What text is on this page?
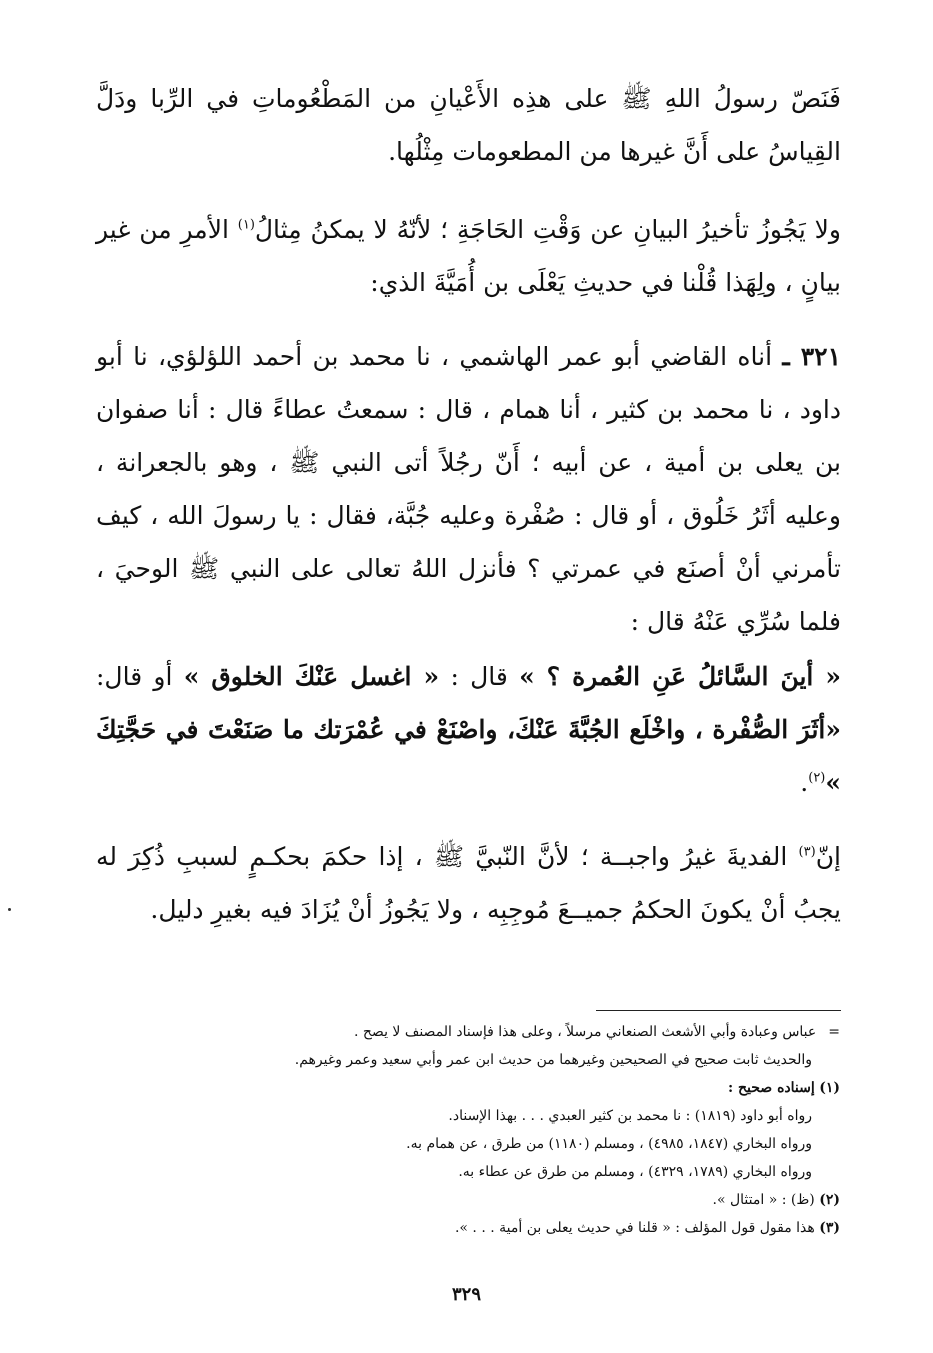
فَنَصّ رسولُ اللهِ ﷺ على هذِه الأَعْيانِ من المَطْعُوماتِ في الرِّبا ودَلَّ القِياسُ على أَنَّ غيرها من المطعومات مِثْلُها.

ولا يَجُوزُ تأخيرُ البيانِ عن وَقْتِ الحَاجَةِ ؛ لأنّهُ لا يمكنُ مِثالُ$^{(١)}$ الأمرِ من غير بيانٍ ، ولِهَذا قُلْنا في حديثِ يَعْلَى بن أُمَيَّةَ الذي:

٣٢١ ـ أناه القاضي أبو عمر الهاشمي ، نا محمد بن أحمد اللؤلؤي، نا أبو داود ، نا محمد بن كثير ، أنا همام ، قال : سمعتُ عطاءً قال : أنا صفوان بن يعلى بن أمية ، عن أبيه ؛ أَنّ رجُلاً أتى النبي ﷺ ، وهو بالجعرانة ، وعليه أثَرُ خَلُوق ، أو قال : صُفْرة وعليه جُبَّة، فقال : يا رسولَ الله ، كيف تأمرني أنْ أصنَع في عمرتي ؟ فأنزل اللهُ تعالى على النبي ﷺ الوحيَ ، فلما سُرِّي عَنْهُ قال :

« أينَ السَّائلُ عَنِ العُمرة ؟ » قال : « اغسل عَنْكَ الخلوق » أو قال: «أثَرَ الصُّفْرة ، واخْلَع الجُبَّةَ عَنْكَ، واصْنَعْ في عُمْرَتك ما صَنَعْتَ في حَجَّتِكَ »$^{(٢)}$.

إنّ$^{(٣)}$ الفديةَ غيرُ واجبــة ؛ لأنَّ النّبيَّ ﷺ ، إذا حكمَ بحكـمٍ لسببِ ذُكِرَ له يجبُ أنْ يكونَ الحكمُ جميــعَ مُوجِبِه ، ولا يَجُوزُ أنْ يُزَادَ فيه بغيرِ دليل.

=عباس وعبادة وأبي الأشعث الصنعاني مرسلاً ، وعلى هذا فإسناد المصنف لا يصح .

والحديث ثابت صحيح في الصحيحين وغيرهما من حديث ابن عمر وأبي سعيد وعمر وغيرهم.

(١) إسناده صحيح :

رواه أبو داود (١٨١٩) : نا محمد بن كثير العبدي . . . بهذا الإسناد.

ورواه البخاري (١٨٤٧، ٤٩٨٥) ، ومسلم (١١٨٠) من طرق ، عن همام به.

ورواه البخاري (١٧٨٩، ٤٣٢٩) ، ومسلم من طرق عن عطاء به.

(٢) (ظ) : « امتثال ».

(٣) هذا مقول قول المؤلف : « قلنا في حديث يعلى بن أمية . . . ».

٣٢٩
